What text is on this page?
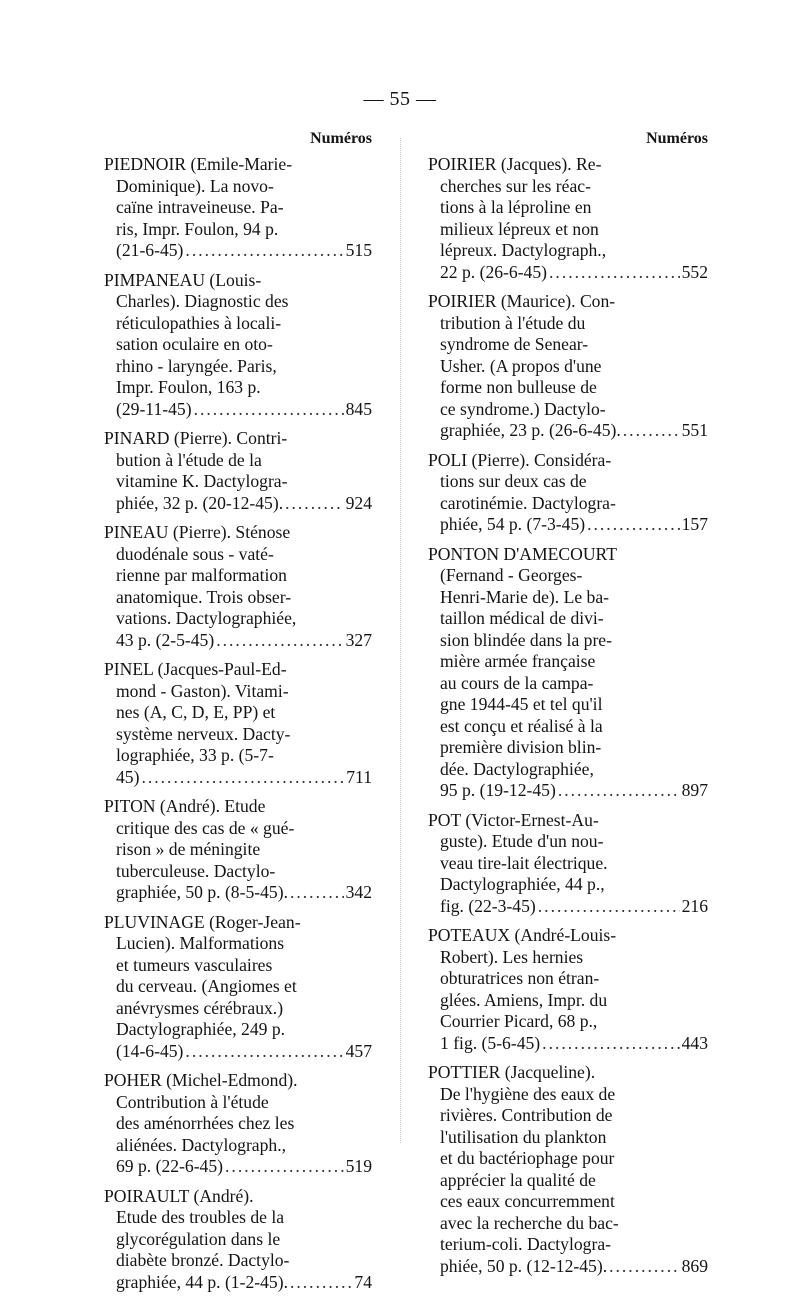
— 55 —
Numéros
PIEDNOIR (Emile-Marie-
Dominique). La novo-
caïne intraveineuse. Pa-
ris, Impr. Foulon, 94 p.
(21-6-45) .....	515
PIMPANEAU (Louis-
Charles). Diagnostic des
réticulopathies à locali-
sation oculaire en oto-
rhino - laryngée. Paris,
Impr. Foulon, 163 p.
(29-11-45) .....	845
PINARD (Pierre). Contri-
bution à l'étude de la
vitamine K. Dactylogra-
phiée, 32 p. (20-12-45). .....	924
PINEAU (Pierre). Sténose
duodénale sous - vaté-
rienne par malformation
anatomique. Trois obser-
vations. Dactylographiée,
43 p. (2-5-45) .....	327
PINEL (Jacques-Paul-Ed-
mond - Gaston). Vitami-
nes (A, C, D, E, PP) et
système nerveux. Dacty-
lographiée, 33 p. (5-7-
45) .....	711
PITON (André). Etude
critique des cas de « gué-
rison » de méningite
tuberculeuse. Dactylo-
graphiée, 50 p. (8-5-45). .....	342
PLUVINAGE (Roger-Jean-
Lucien). Malformations
et tumeurs vasculaires
du cerveau. (Angiomes et
anévrysmes cérébraux.)
Dactylographiée, 249 p.
(14-6-45) .....	457
POHER (Michel-Edmond).
Contribution à l'étude
des aménorrhées chez les
aliénées. Dactylograph.,
69 p. (22-6-45) .....	519
POIRAULT (André).
Etude des troubles de la
glycorégulation dans le
diabète bronzé. Dactylo-
graphiée, 44 p. (1-2-45). .....	74
Numéros
POIRIER (Jacques). Re-
cherches sur les réac-
tions à la léproline en
milieux lépreux et non
lépreux. Dactylograph.,
22 p. (26-6-45) .....	552
POIRIER (Maurice). Con-
tribution à l'étude du
syndrome de Senear-
Usher. (A propos d'une
forme non bulleuse de
ce syndrome.) Dactylo-
graphiée, 23 p. (26-6-45). .....	551
POLI (Pierre). Considéra-
tions sur deux cas de
carotinémie. Dactylogra-
phiée, 54 p. (7-3-45) .....	157
PONTON D'AMECOURT
(Fernand - Georges-
Henri-Marie de). Le ba-
taillon médical de divi-
sion blindée dans la pre-
mière armée française
au cours de la campa-
gne 1944-45 et tel qu'il
est conçu et réalisé à la
première division blin-
dée. Dactylographiée,
95 p. (19-12-45) .....	897
POT (Victor-Ernest-Au-
guste). Etude d'un nou-
veau tire-lait électrique.
Dactylographiée, 44 p.,
fig. (22-3-45) .....	216
POTEAUX (André-Louis-
Robert). Les hernies
obturatrices non étran-
glées. Amiens, Impr. du
Courrier Picard, 68 p.,
1 fig. (5-6-45) .....	443
POTTIER (Jacqueline).
De l'hygiène des eaux de
rivières. Contribution de
l'utilisation du plankton
et du bactériophage pour
apprécier la qualité de
ces eaux concurremment
avec la recherche du bac-
terium-coli. Dactylogra-
phiée, 50 p. (12-12-45). .....	869
